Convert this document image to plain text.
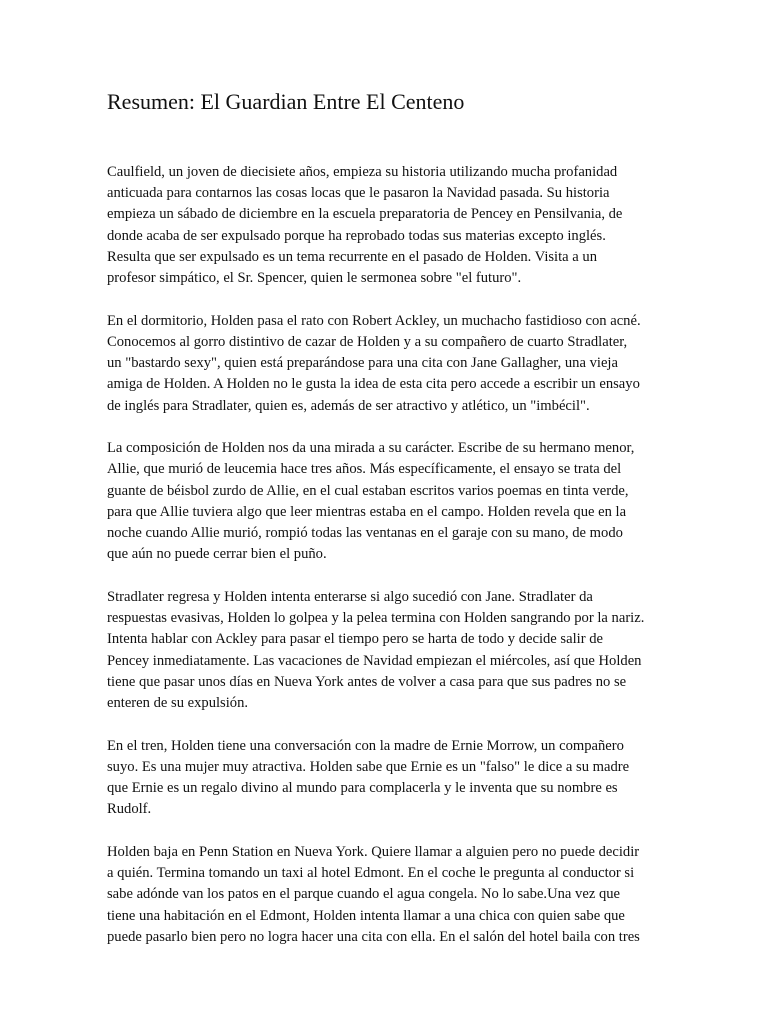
Resumen: El Guardian Entre El Centeno

Caulfield, un joven de diecisiete años, empieza su historia utilizando mucha profanidad
anticuada para contarnos las cosas locas que le pasaron la Navidad pasada. Su historia
empieza un sábado de diciembre en la escuela preparatoria de Pencey en Pensilvania, de
donde acaba de ser expulsado porque ha reprobado todas sus materias excepto inglés.
Resulta que ser expulsado es un tema recurrente en el pasado de Holden. Visita a un
profesor simpático, el Sr. Spencer, quien le sermonea sobre "el futuro".

En el dormitorio, Holden pasa el rato con Robert Ackley, un muchacho fastidioso con acné.
Conocemos al gorro distintivo de cazar de Holden y a su compañero de cuarto Stradlater,
un "bastardo sexy", quien está preparándose para una cita con Jane Gallagher, una vieja
amiga de Holden. A Holden no le gusta la idea de esta cita pero accede a escribir un ensayo
de inglés para Stradlater, quien es, además de ser atractivo y atlético, un "imbécil".

La composición de Holden nos da una mirada a su carácter. Escribe de su hermano menor,
Allie, que murió de leucemia hace tres años. Más específicamente, el ensayo se trata del
guante de béisbol zurdo de Allie, en el cual estaban escritos varios poemas en tinta verde,
para que Allie tuviera algo que leer mientras estaba en el campo. Holden revela que en la
noche cuando Allie murió, rompió todas las ventanas en el garaje con su mano, de modo
que aún no puede cerrar bien el puño.

Stradlater regresa y Holden intenta enterarse si algo sucedió con Jane. Stradlater da
respuestas evasivas, Holden lo golpea y la pelea termina con Holden sangrando por la nariz.
Intenta hablar con Ackley para pasar el tiempo pero se harta de todo y decide salir de
Pencey inmediatamente. Las vacaciones de Navidad empiezan el miércoles, así que Holden
tiene que pasar unos días en Nueva York antes de volver a casa para que sus padres no se
enteren de su expulsión.

En el tren, Holden tiene una conversación con la madre de Ernie Morrow, un compañero
suyo. Es una mujer muy atractiva. Holden sabe que Ernie es un "falso" le dice a su madre
que Ernie es un regalo divino al mundo para complacerla y le inventa que su nombre es
Rudolf.

Holden baja en Penn Station en Nueva York. Quiere llamar a alguien pero no puede decidir
a quién. Termina tomando un taxi al hotel Edmont. En el coche le pregunta al conductor si
sabe adónde van los patos en el parque cuando el agua congela. No lo sabe.Una vez que
tiene una habitación en el Edmont, Holden intenta llamar a una chica con quien sabe que
puede pasarlo bien pero no logra hacer una cita con ella. En el salón del hotel baila con tres
